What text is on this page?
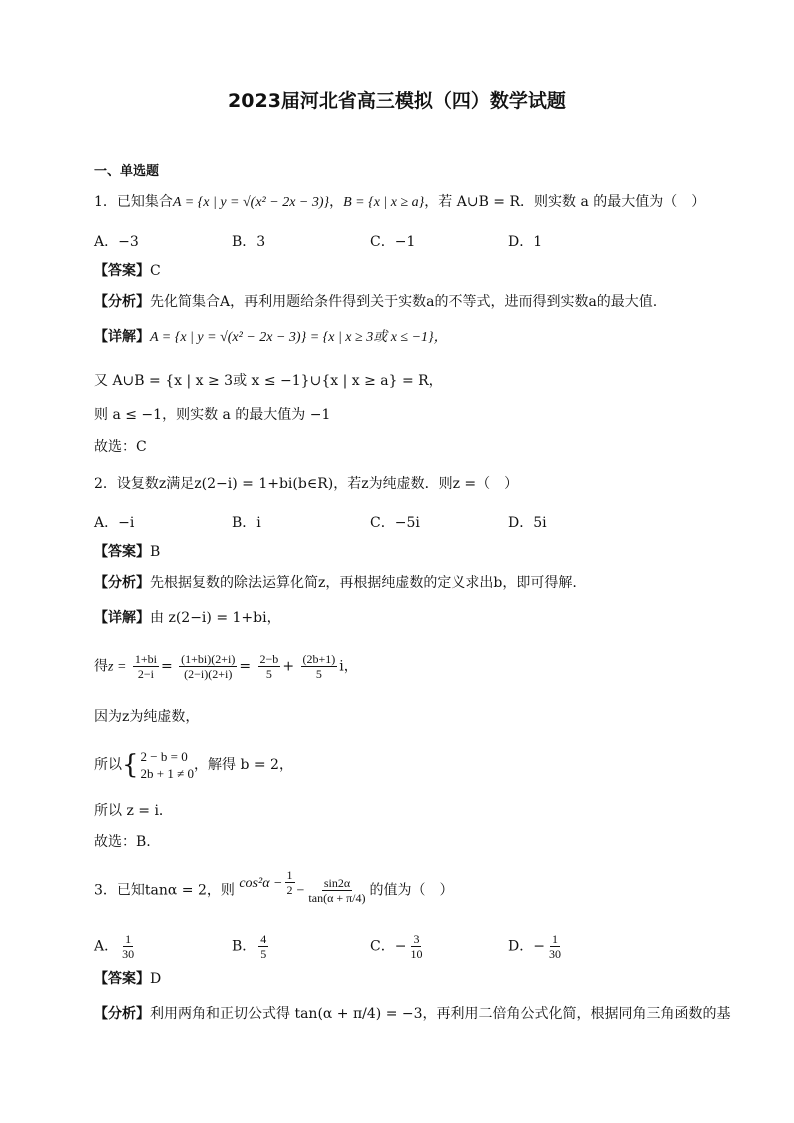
2023届河北省高三模拟（四）数学试题
一、单选题
1．已知集合A = {x | y = √(x² − 2x − 3)}，B = {x | x ≥ a}，若 A∪B = R．则实数 a 的最大值为（　）
A．−3	B．3	C．−1	D．1
【答案】C
【分析】先化简集合A，再利用题给条件得到关于实数a的不等式，进而得到实数a的最大值.
【详解】A = {x | y = √(x² − 2x − 3)} = {x | x ≥ 3或 x ≤ −1}，
又 A∪B = {x | x ≥ 3或 x ≤ −1}∪{x | x ≥ a} = R，
则 a ≤ −1，则实数 a 的最大值为 −1
故选：C
2．设复数z满足z(2−i) = 1+bi(b∈R)，若z为纯虚数．则z =（　）
A．−i	B．i	C．−5i	D．5i
【答案】B
【分析】先根据复数的除法运算化简z，再根据纯虚数的定义求出b，即可得解.
【详解】由 z(2−i) = 1+bi，
得$z = \frac{1+bi}{2-i} = \frac{(1+bi)(2+i)}{(2-i)(2+i)} = \frac{2-b}{5} + \frac{(2b+1)}{5}$ i，
因为z为纯虚数，
所以{ 2 − b = 0
2b + 1 ≠ 0
，解得 b = 2，
所以 z = i．
故选：B.
3．已知tanα = 2，则 $\cos^2\alpha - \frac{1}{2} - \frac{\sin 2\alpha}{\tan(\alpha + \pi/4)}$ 的值为（　）
A． $\frac{1}{30}$	B． $\frac{4}{5}$	C．− $\frac{3}{10}$	D．− $\frac{1}{30}$
【答案】D
【分析】利用两角和正切公式得 tan(α + π/4) = −3，再利用二倍角公式化简，根据同角三角函数的基
